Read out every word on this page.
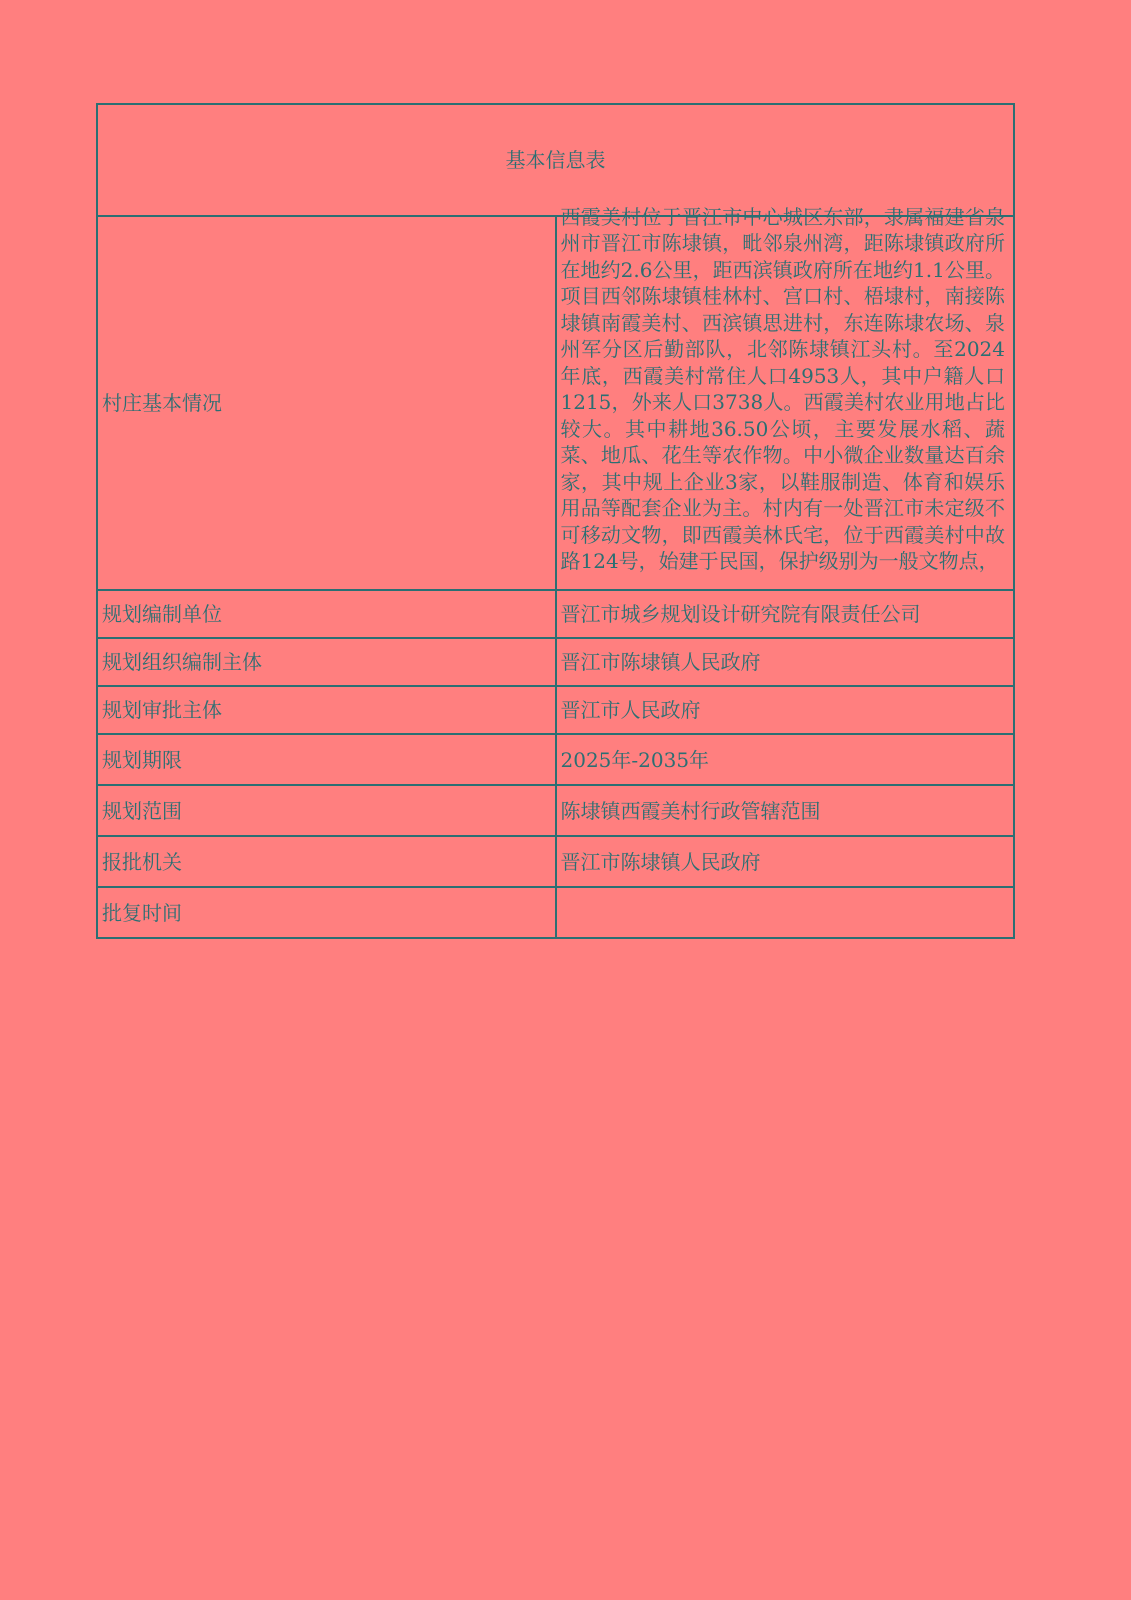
基本信息表	
村庄基本情况	西霞美村位于晋江市中心城区东部，隶属福建省泉州市晋江市陈埭镇，毗邻泉州湾，距陈埭镇政府所在地约2.6公里，距西滨镇政府所在地约1.1公里。项目西邻陈埭镇桂林村、宫口村、梧埭村，南接陈埭镇南霞美村、西滨镇思进村，东连陈埭农场、泉州军分区后勤部队，北邻陈埭镇江头村。至2024年底，西霞美村常住人口4953人，其中户籍人口1215，外来人口3738人。西霞美村农业用地占比较大。其中耕地36.50公顷，主要发展水稻、蔬菜、地瓜、花生等农作物。中小微企业数量达百余家，其中规上企业3家，以鞋服制造、体育和娱乐用品等配套企业为主。村内有一处晋江市未定级不可移动文物，即西霞美林氏宅，位于西霞美村中故路124号，始建于民国，保护级别为一般文物点，

规划编制单位	晋江市城乡规划设计研究院有限责任公司
规划组织编制主体	晋江市陈埭镇人民政府
规划审批主体	晋江市人民政府
规划期限	2025年-2035年
规划范围	陈埭镇西霞美村行政管辖范围
报批机关	晋江市陈埭镇人民政府
批复时间	
